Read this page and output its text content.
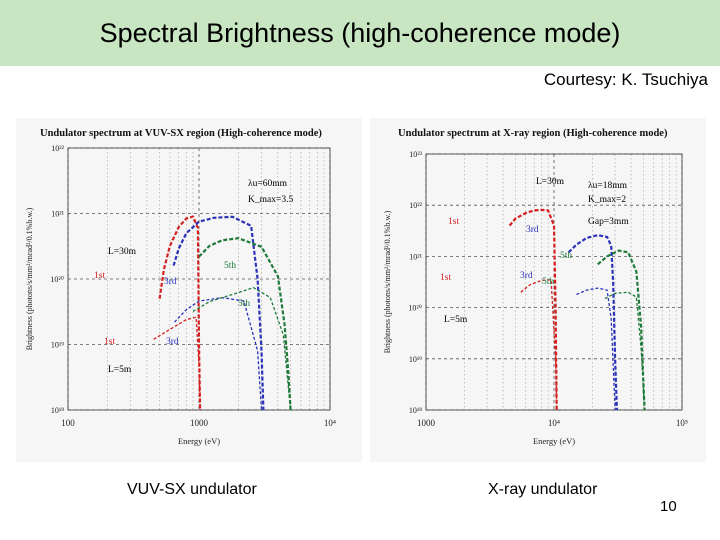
Spectral Brightness (high-coherence mode)
Courtesy: K. Tsuchiya
Undulator spectrum at VUV-SX region (High-coherence mode)
100	1000	10⁴
10¹⁸
10¹⁹
10²⁰
10²¹
10²²
Energy (eV)
Brightness (photons/s/mm²/mrad²/0.1%b.w.)
λu=60mm
K_max=3.5
L=30m
L=5m
1st
3rd
5th
1st	3rd
5th
Undulator spectrum at X-ray region (High-coherence mode)
1000	10⁴	10⁵
10¹⁸
10¹⁹
10²⁰
10²¹
10²²
10²³
Energy (eV)
Brightness (photons/s/mm²/mrad²/0.1%b.w.)
λu=18mm
K_max=2
Gap=3mm
L=30m
L=5m
1st
3rd
5th
1st	3rd
5th
VUV-SX undulator	X-ray undulator
10
